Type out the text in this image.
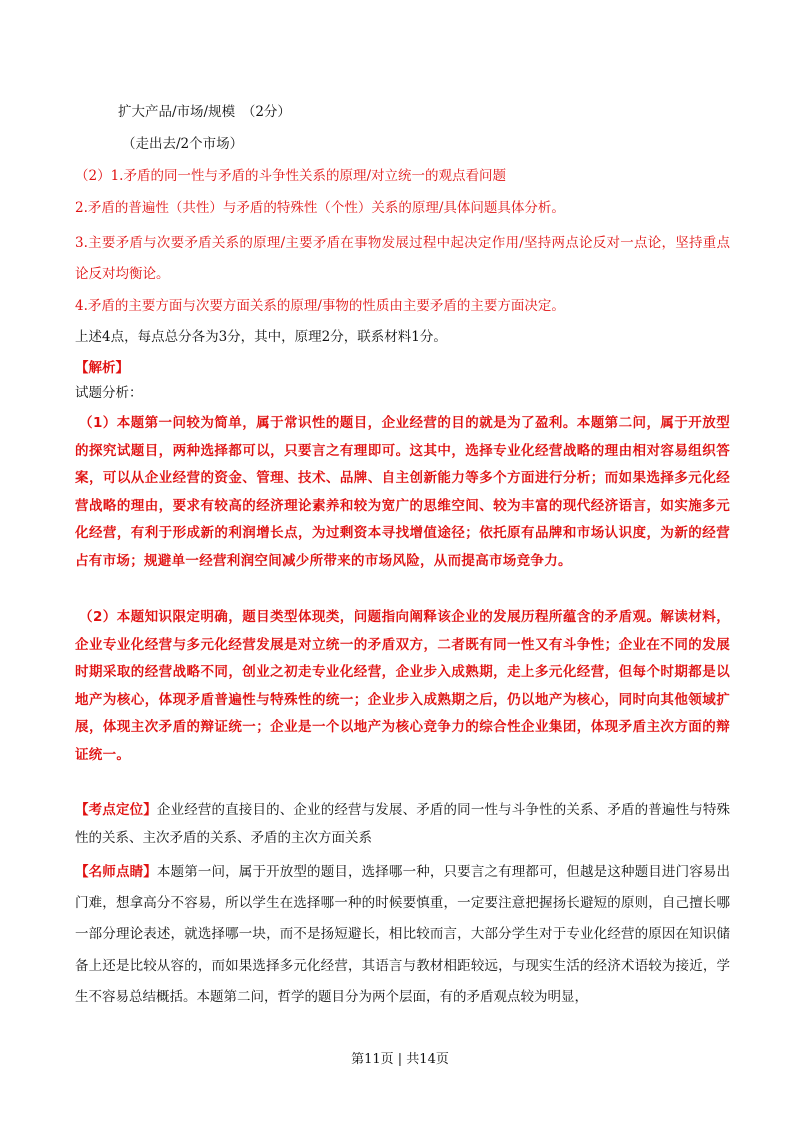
扩大产品/市场/规模　（2分）
（走出去/2个市场）
（2）1.矛盾的同一性与矛盾的斗争性关系的原理/对立统一的观点看问题
2.矛盾的普遍性（共性）与矛盾的特殊性（个性）关系的原理/具体问题具体分析。
3.主要矛盾与次要矛盾关系的原理/主要矛盾在事物发展过程中起决定作用/坚持两点论反对一点论，坚持重点论反对均衡论。
4.矛盾的主要方面与次要方面关系的原理/事物的性质由主要矛盾的主要方面决定。
上述4点，每点总分各为3分，其中，原理2分，联系材料1分。
【解析】
试题分析：
（1）本题第一问较为简单，属于常识性的题目，企业经营的目的就是为了盈利。本题第二问，属于开放型的探究试题目，两种选择都可以，只要言之有理即可。这其中，选择专业化经营战略的理由相对容易组织答案，可以从企业经营的资金、管理、技术、品牌、自主创新能力等多个方面进行分析；而如果选择多元化经营战略的理由，要求有较高的经济理论素养和较为宽广的思维空间、较为丰富的现代经济语言，如实施多元化经营，有利于形成新的利润增长点，为过剩资本寻找增值途径；依托原有品牌和市场认识度，为新的经营占有市场；规避单一经营利润空间减少所带来的市场风险，从而提高市场竞争力。
（2）本题知识限定明确，题目类型体现类，问题指向阐释该企业的发展历程所蕴含的矛盾观。解读材料，企业专业化经营与多元化经营发展是对立统一的矛盾双方，二者既有同一性又有斗争性；企业在不同的发展时期采取的经营战略不同，创业之初走专业化经营，企业步入成熟期，走上多元化经营，但每个时期都是以地产为核心，体现矛盾普遍性与特殊性的统一；企业步入成熟期之后，仍以地产为核心，同时向其他领域扩展，体现主次矛盾的辩证统一；企业是一个以地产为核心竞争力的综合性企业集团，体现矛盾主次方面的辩证统一。
【考点定位】企业经营的直接目的、企业的经营与发展、矛盾的同一性与斗争性的关系、矛盾的普遍性与特殊性的关系、主次矛盾的关系、矛盾的主次方面关系
【名师点睛】本题第一问，属于开放型的题目，选择哪一种，只要言之有理都可，但越是这种题目进门容易出门难，想拿高分不容易，所以学生在选择哪一种的时候要慎重，一定要注意把握扬长避短的原则，自己擅长哪一部分理论表述，就选择哪一块，而不是扬短避长，相比较而言，大部分学生对于专业化经营的原因在知识储备上还是比较从容的，而如果选择多元化经营，其语言与教材相距较远，与现实生活的经济术语较为接近，学生不容易总结概括。本题第二问，哲学的题目分为两个层面，有的矛盾观点较为明显，
第11页 | 共14页
